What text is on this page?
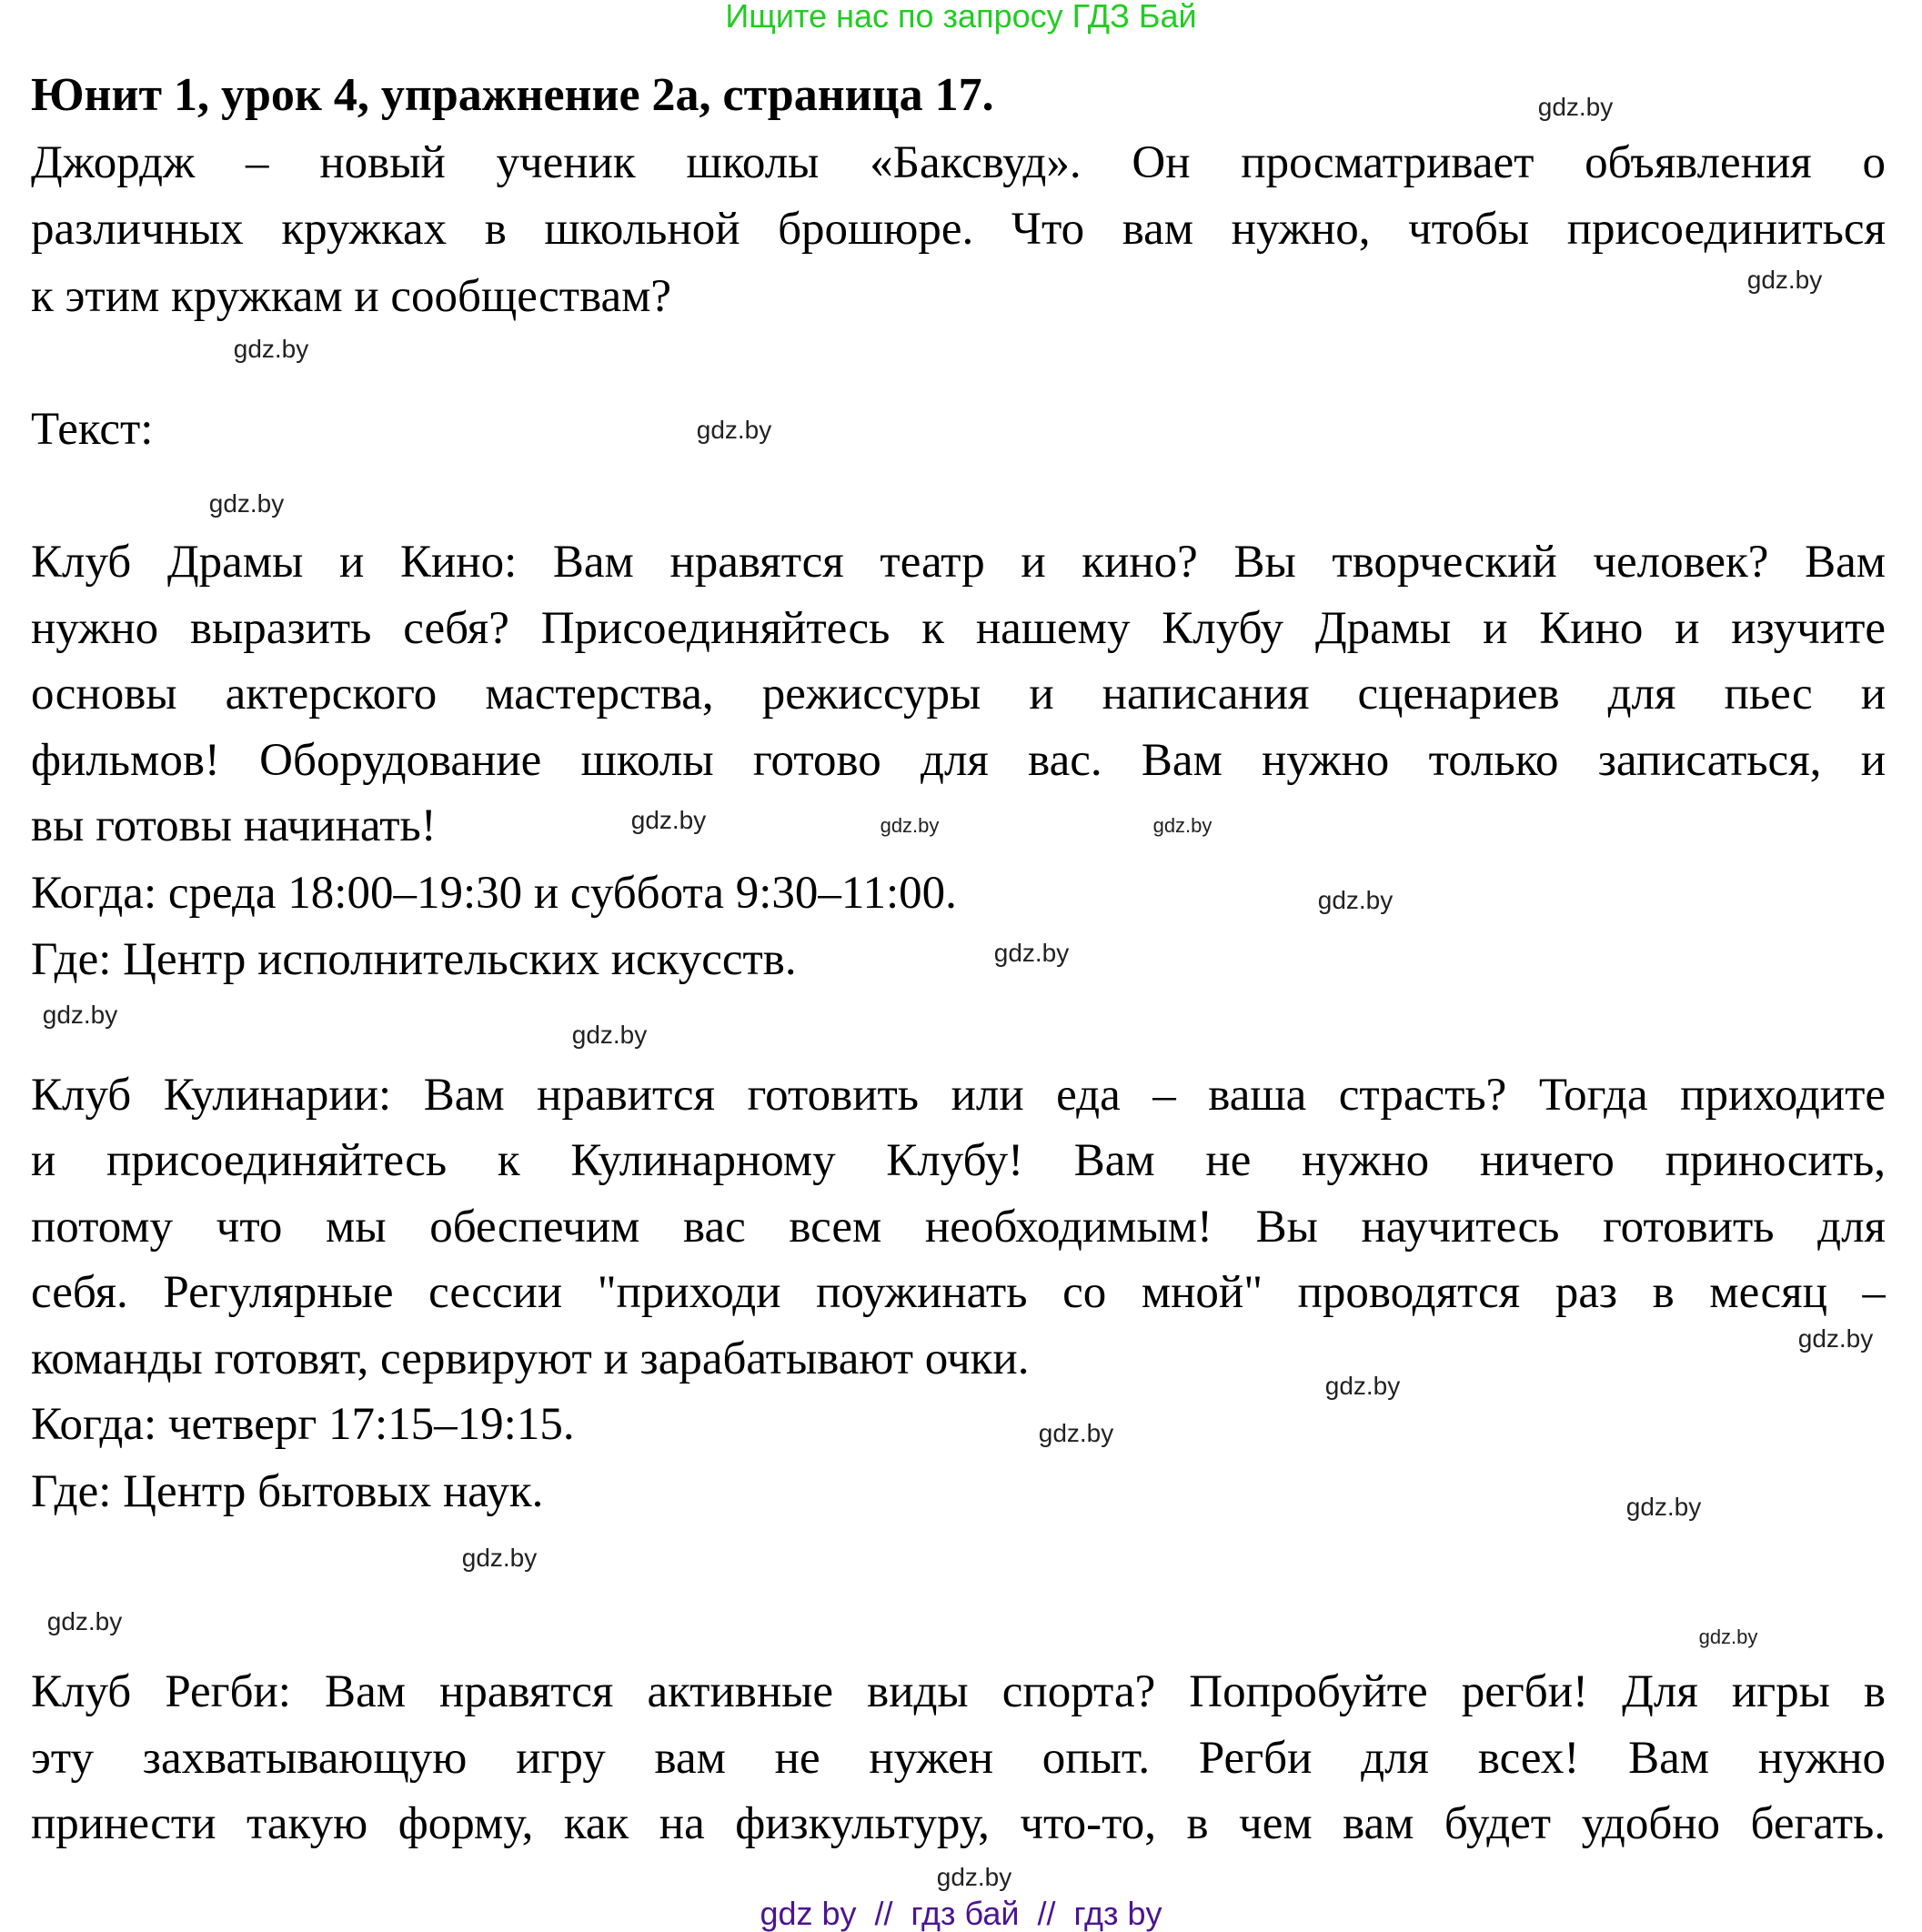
Ищите нас по запросу ГДЗ Бай
Юнит 1, урок 4, упражнение 2а, страница 17.
Джордж – новый ученик школы «Баксвуд». Он просматривает объявления о
различных кружках в школьной брошюре. Что вам нужно, чтобы присоединиться
к этим кружкам и сообществам?
Текст:
Клуб Драмы и Кино: Вам нравятся театр и кино? Вы творческий человек? Вам
нужно выразить себя? Присоединяйтесь к нашему Клубу Драмы и Кино и изучите
основы актерского мастерства, режиссуры и написания сценариев для пьес и
фильмов! Оборудование школы готово для вас. Вам нужно только записаться, и
вы готовы начинать!
Когда: среда 18:00–19:30 и суббота 9:30–11:00.
Где: Центр исполнительских искусств.
Клуб Кулинарии: Вам нравится готовить или еда – ваша страсть? Тогда приходите
и присоединяйтесь к Кулинарному Клубу! Вам не нужно ничего приносить,
потому что мы обеспечим вас всем необходимым! Вы научитесь готовить для
себя. Регулярные сессии "приходи поужинать со мной" проводятся раз в месяц –
команды готовят, сервируют и зарабатывают очки.
Когда: четверг 17:15–19:15.
Где: Центр бытовых наук.
Клуб Регби: Вам нравятся активные виды спорта? Попробуйте регби! Для игры в
эту захватывающую игру вам не нужен опыт. Регби для всех! Вам нужно
принести такую форму, как на физкультуру, что-то, в чем вам будет удобно бегать.
gdz.by
gdz.by
gdz.by
gdz.by
gdz.by
gdz.by	gdz.by
gdz.by
gdz.by
gdz.by
gdz.by
gdz.by
gdz.by
gdz.by
gdz.by
gdz.by
gdz.by
gdz.by
gdz.by
gdz.by
gdz by  //  гдз бай  //  гдз by
